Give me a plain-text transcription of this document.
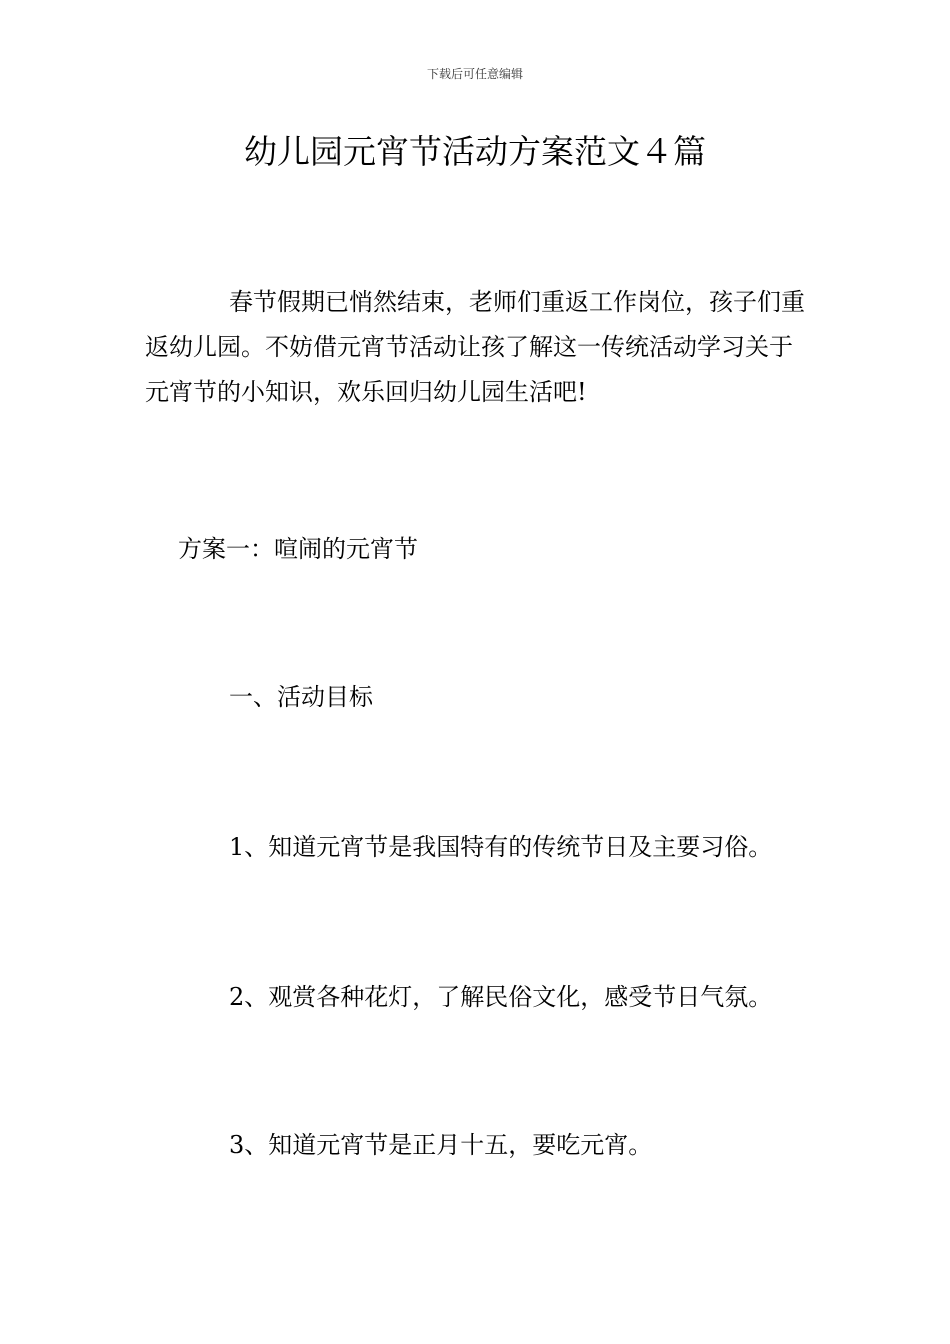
下载后可任意编辑
幼儿园元宵节活动方案范文４篇

春节假期已悄然结束，老师们重返工作岗位，孩子们重返幼儿园。不妨借元宵节活动让孩了解这一传统活动学习关于元宵节的小知识，欢乐回归幼儿园生活吧!

方案一：喧闹的元宵节

一、活动目标

1、知道元宵节是我国特有的传统节日及主要习俗。

2、观赏各种花灯，了解民俗文化，感受节日气氛。

3、知道元宵节是正月十五，要吃元宵。
